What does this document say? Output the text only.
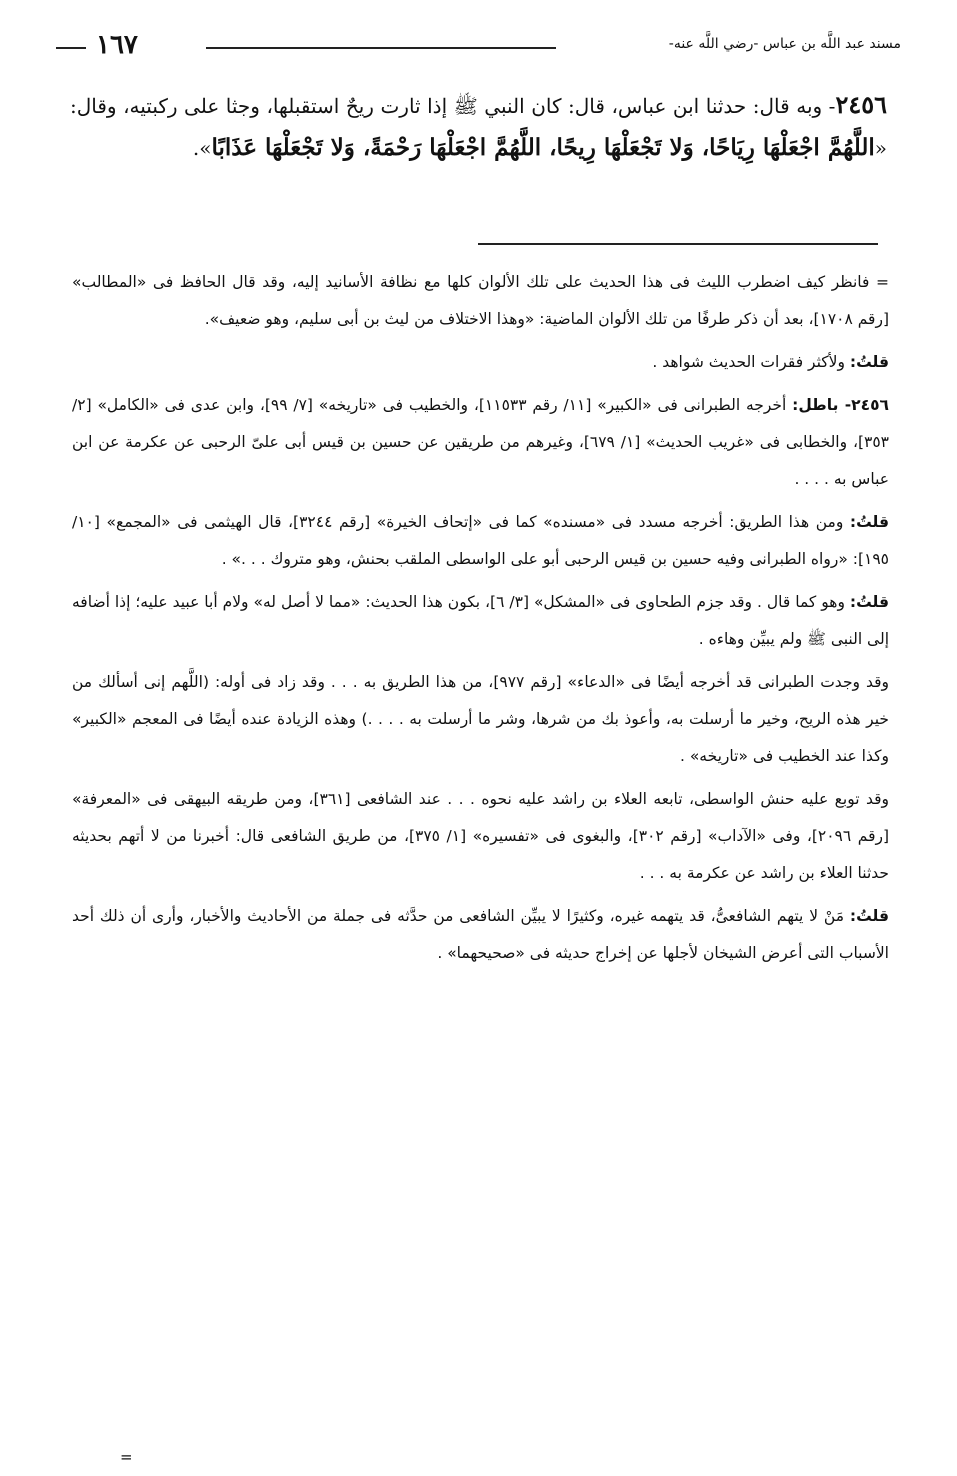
مسند عبد اللَّه بن عباس -رضي اللَّه عنه-
١٦٧
٢٤٥٦- وبه قال: حدثنا ابن عباس، قال: كان النبي ﷺ إذا ثارت ريحٌ استقبلها، وجثا على ركبتيه، وقال: «اللَّهُمَّ اجْعَلْهَا رِيَاحًا، وَلا تَجْعَلْهَا رِيحًا، اللَّهُمَّ اجْعَلْهَا رَحْمَةً، وَلا تَجْعَلْهَا عَذَابًا».

= فانظر كيف اضطرب الليث فى هذا الحديث على تلك الألوان كلها مع نظافة الأسانيد إليه، وقد قال الحافظ فى «المطالب» [رقم ١٧٠٨]، بعد أن ذكر طرفًا من تلك الألوان الماضية: «وهذا الاختلاف من ليث بن أبى سليم، وهو ضعيف».

قلتُ: ولأكثر فقرات الحديث شواهد .

٢٤٥٦- باطل: أخرجه الطبرانى فى «الكبير» [١١/ رقم ١١٥٣٣]، والخطيب فى «تاريخه» [٧/ ٩٩]، وابن عدى فى «الكامل» [٢/ ٣٥٣]، والخطابى فى «غريب الحديث» [١/ ٦٧٩]، وغيرهم من طريقين عن حسين بن قيس أبى علىّ الرحبى عن عكرمة عن ابن عباس به . . . .

قلتُ: ومن هذا الطريق: أخرجه مسدد فى «مسنده» كما فى «إتحاف الخيرة» [رقم ٣٢٤٤]، قال الهيثمى فى «المجمع» [١٠/ ١٩٥]: «رواه الطبرانى وفيه حسين بن قيس الرحبى أبو على الواسطى الملقب بحنش، وهو متروك . . .» .

قلتُ: وهو كما قال . وقد جزم الطحاوى فى «المشكل» [٣/ ٦]، بكون هذا الحديث: «مما لا أصل له» ولام أبا عبيد عليه؛ إذا أضافه إلى النبى ﷺ ولم يبيِّن وهاءه .

وقد وجدت الطبرانى قد أخرجه أيضًا فى «الدعاء» [رقم ٩٧٧]، من هذا الطريق به . . . وقد زاد فى أوله: (اللَّهم إنى أسألك من خير هذه الريح، وخير ما أرسلت به، وأعوذ بك من شرها، وشر ما أرسلت به . . . .) وهذه الزيادة عنده أيضًا فى المعجم «الكبير» وكذا عند الخطيب فى «تاريخه» .

وقد توبع عليه حنش الواسطى، تابعه العلاء بن راشد عليه نحوه . . . عند الشافعى [٣٦١]، ومن طريقه البيهقى فى «المعرفة» [رقم ٢٠٩٦]، وفى «الآداب» [رقم ٣٠٢]، والبغوى فى «تفسيره» [١/ ٣٧٥]، من طريق الشافعى قال: أخبرنا من لا أتهم بحديثه حدثنا العلاء بن راشد عن عكرمة به . . .

قلتُ: مَنْ لا يتهم الشافعىُّ، قد يتهمه غيره، وكثيرًا لا يبيِّن الشافعى من حدَّثه فى جملة من الأحاديث والأخبار، وأرى أن ذلك أحد الأسباب التى أعرض الشيخان لأجلها عن إخراج حديثه فى «صحيحهما» .

=
